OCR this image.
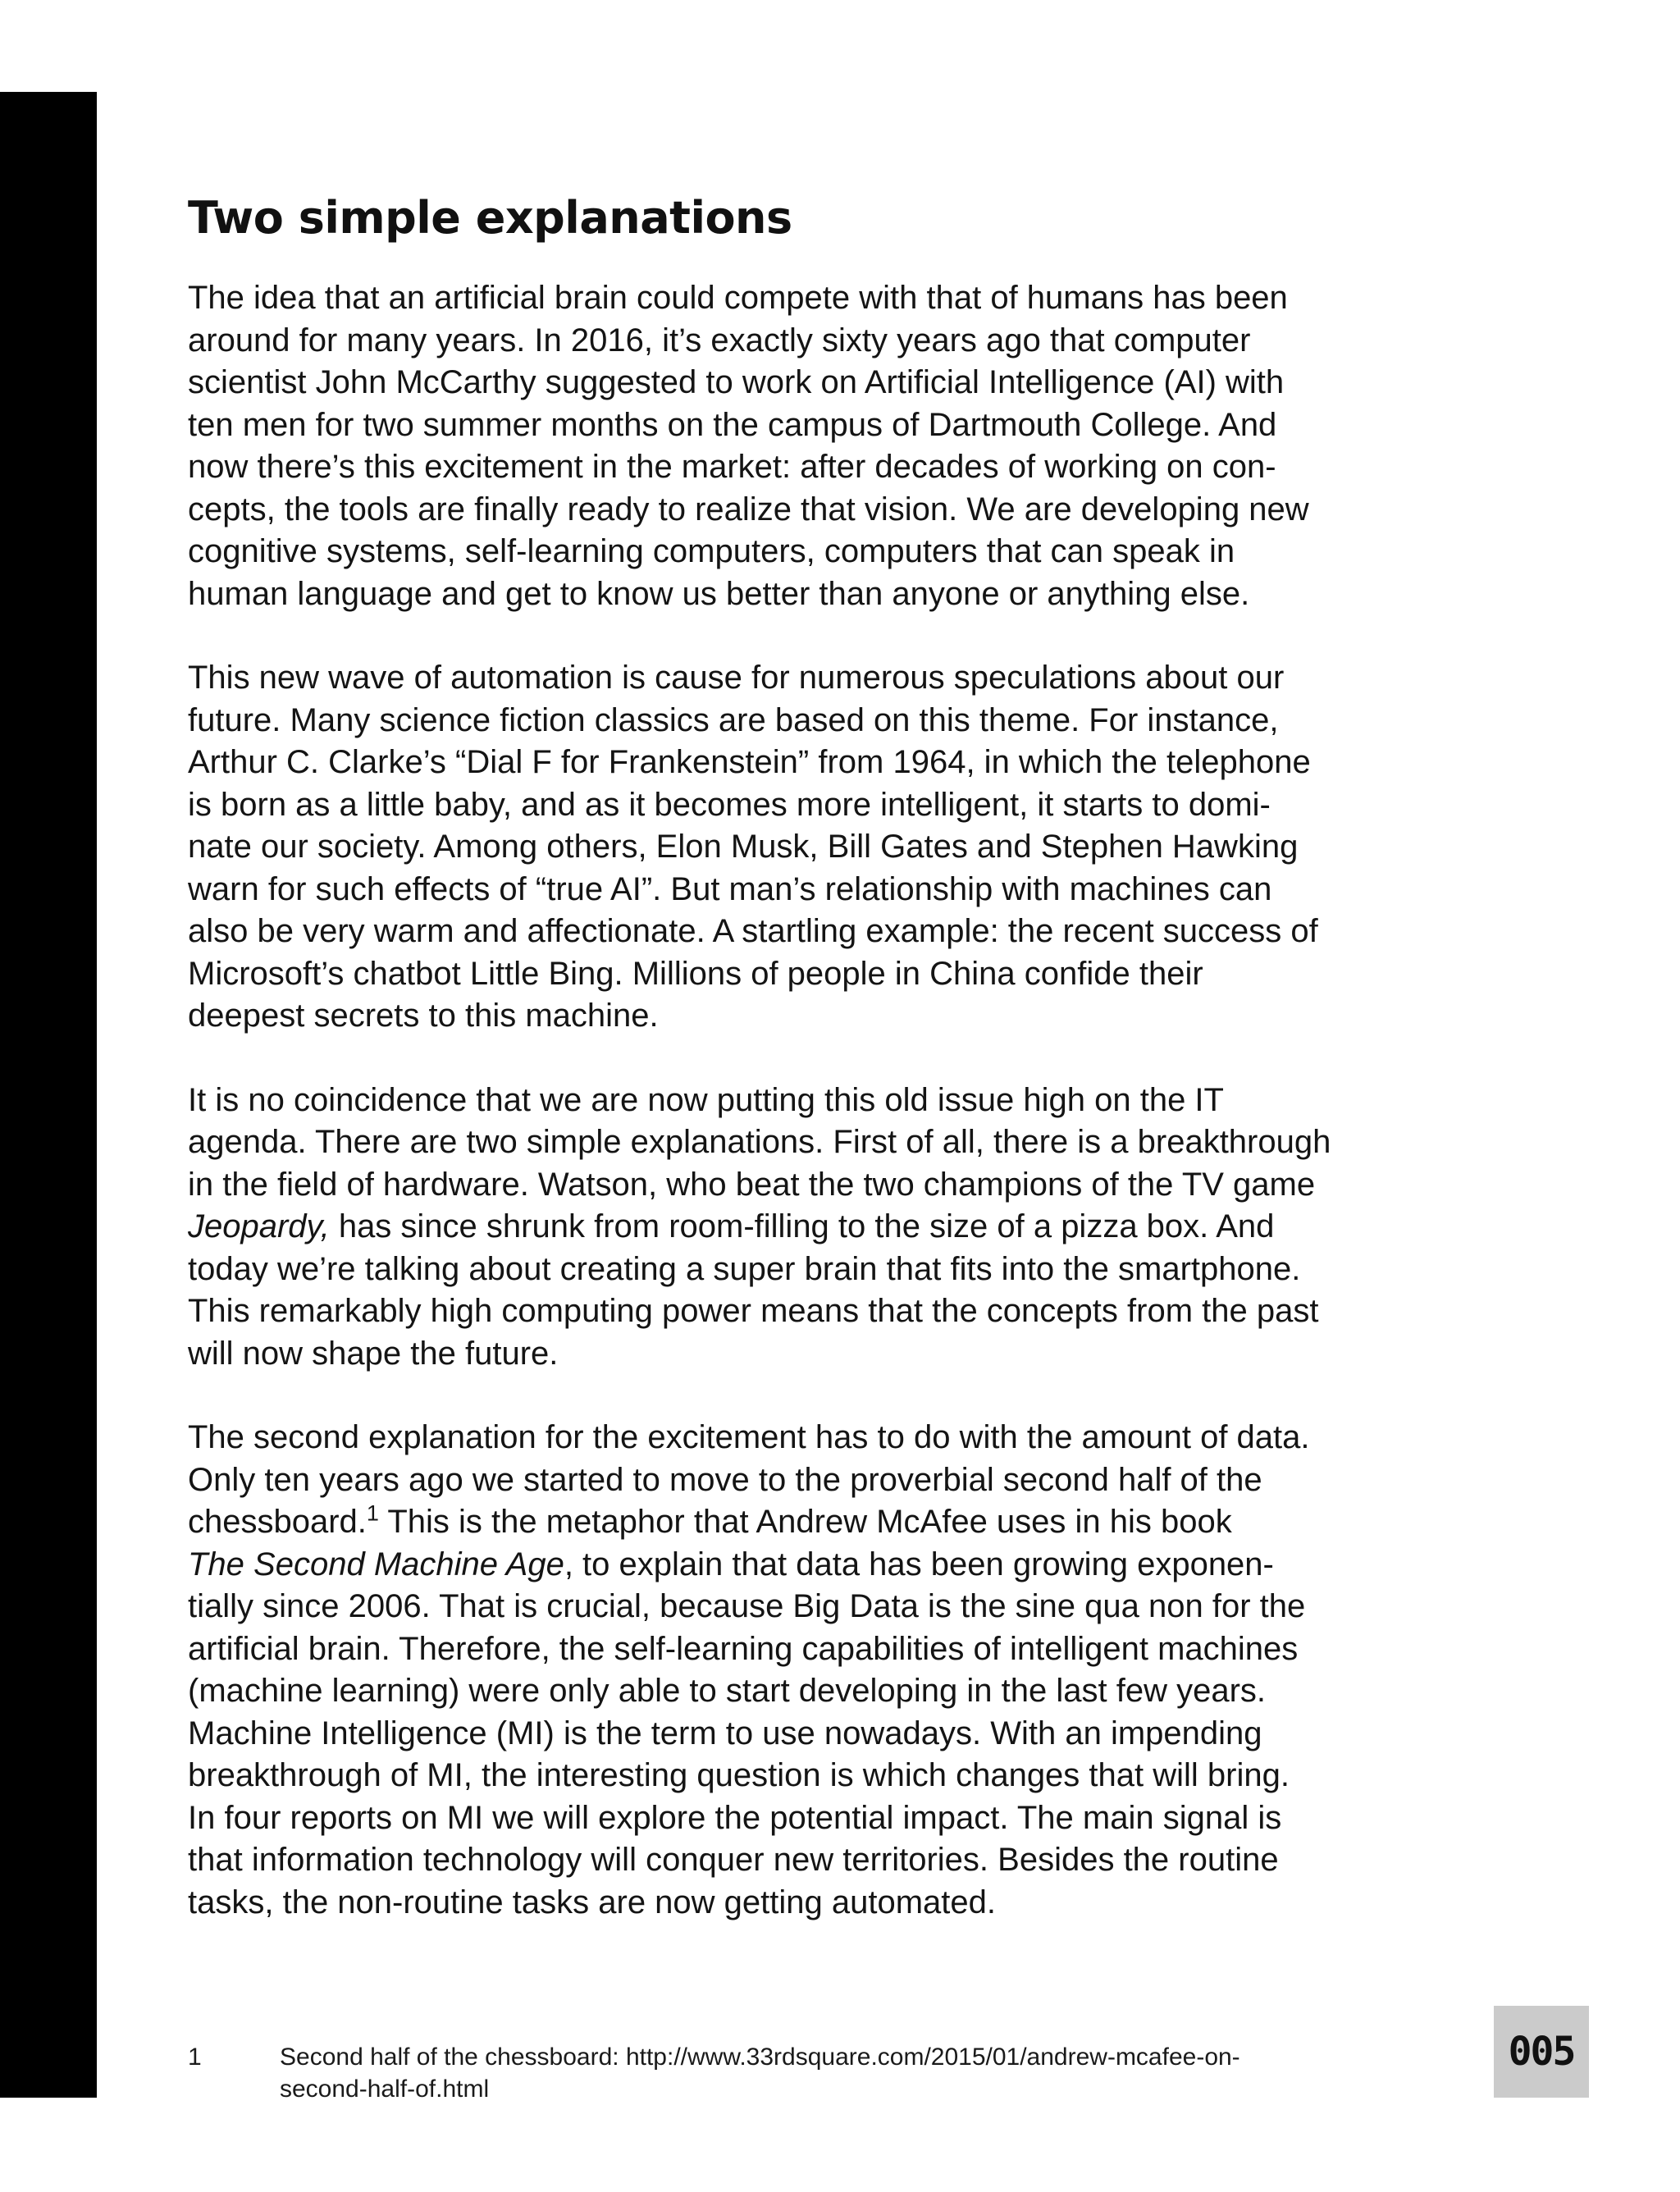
Two simple explanations

The idea that an artificial brain could compete with that of humans has been
around for many years. In 2016, it’s exactly sixty years ago that computer
scientist John McCarthy suggested to work on Artificial Intelligence (AI) with
ten men for two summer months on the campus of Dartmouth College. And
now there’s this excitement in the market: after decades of working on con-
cepts, the tools are finally ready to realize that vision. We are developing new
cognitive systems, self-learning computers, computers that can speak in
human language and get to know us better than anyone or anything else.

This new wave of automation is cause for numerous speculations about our
future. Many science fiction classics are based on this theme. For instance,
Arthur C. Clarke’s “Dial F for Frankenstein” from 1964, in which the telephone
is born as a little baby, and as it becomes more intelligent, it starts to domi-
nate our society. Among others, Elon Musk, Bill Gates and Stephen Hawking
warn for such effects of “true AI”. But man’s relationship with machines can
also be very warm and affectionate. A startling example: the recent success of
Microsoft’s chatbot Little Bing. Millions of people in China confide their
deepest secrets to this machine.

It is no coincidence that we are now putting this old issue high on the IT
agenda. There are two simple explanations. First of all, there is a breakthrough
in the field of hardware. Watson, who beat the two champions of the TV game
Jeopardy, has since shrunk from room-filling to the size of a pizza box. And
today we’re talking about creating a super brain that fits into the smartphone.
This remarkably high computing power means that the concepts from the past
will now shape the future.

The second explanation for the excitement has to do with the amount of data.
Only ten years ago we started to move to the proverbial second half of the
chessboard.$^1$ This is the metaphor that Andrew McAfee uses in his book
The Second Machine Age, to explain that data has been growing exponen-
tially since 2006. That is crucial, because Big Data is the sine qua non for the
artificial brain. Therefore, the self-learning capabilities of intelligent machines
(machine learning) were only able to start developing in the last few years.
Machine Intelligence (MI) is the term to use nowadays. With an impending
breakthrough of MI, the interesting question is which changes that will bring.
In four reports on MI we will explore the potential impact. The main signal is
that information technology will conquer new territories. Besides the routine
tasks, the non-routine tasks are now getting automated.

1	Second half of the chessboard: http://www.33rdsquare.com/2015/01/andrew-mcafee-on-
second-half-of.html
005
